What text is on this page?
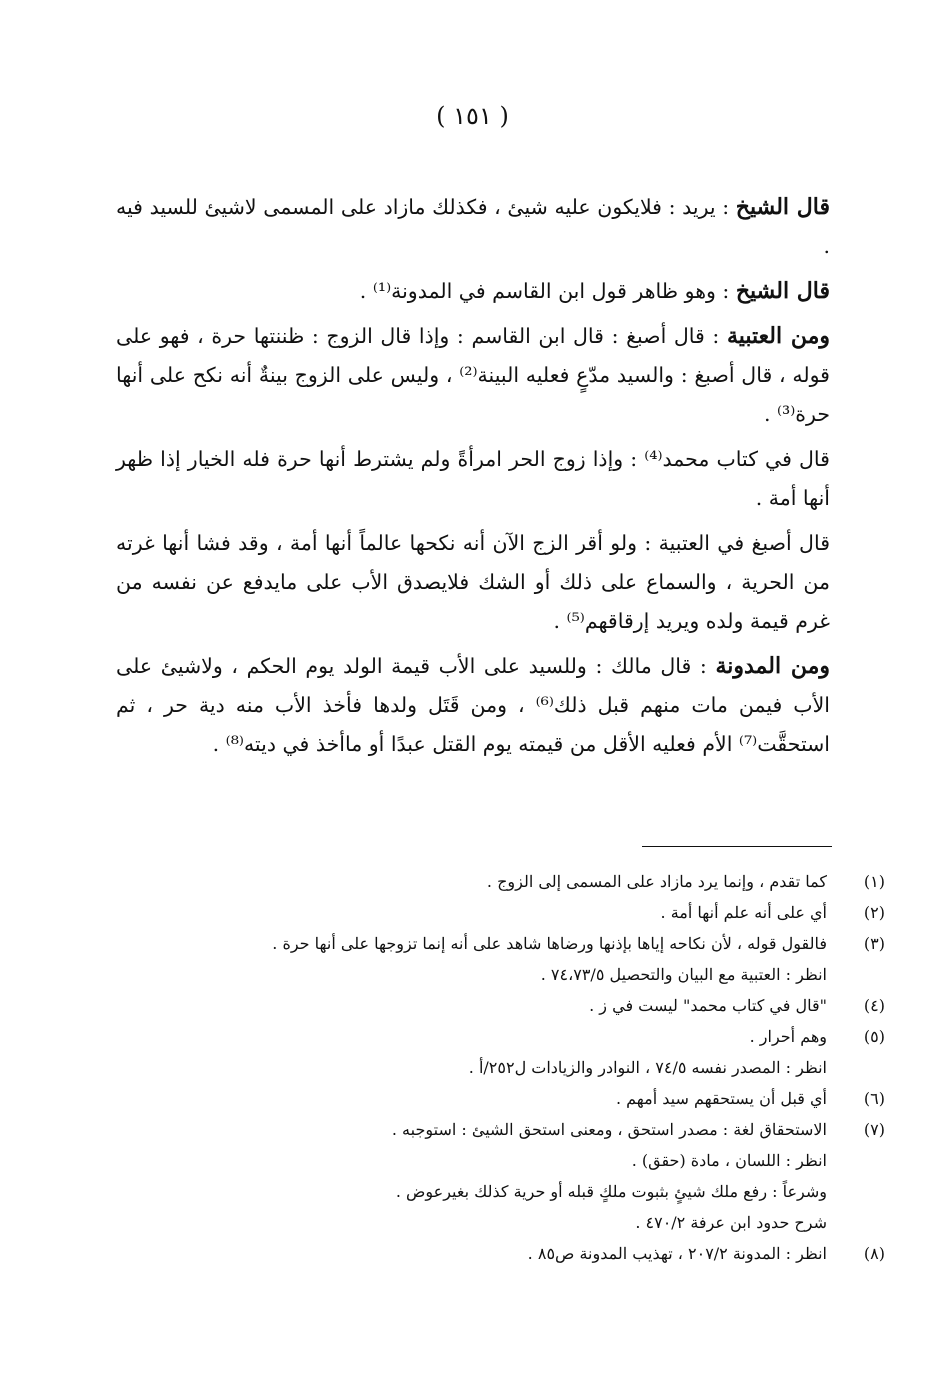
( ١٥١ )

قال الشيخ : يريد : فلايكون عليه شيئ ، فكذلك مازاد على المسمى لاشيئ للسيد فيه .

قال الشيخ : وهو ظاهر قول ابن القاسم في المدونة⁽¹⁾ .

ومن العتبية : قال أصبغ : قال ابن القاسم : وإذا قال الزوج : ظننتها حرة ، فهو على قوله ، قال أصبغ : والسيد مدّعٍ فعليه البينة⁽²⁾ ، وليس على الزوج بينةٌ أنه نكح على أنها حرة⁽³⁾ .

قال في كتاب محمد⁽⁴⁾ : وإذا زوج الحر امرأةً ولم يشترط أنها حرة فله الخيار إذا ظهر أنها أمة .

قال أصبغ في العتبية : ولو أقر الزج الآن أنه نكحها عالماً أنها أمة ، وقد فشا أنها غرته من الحرية ، والسماع على ذلك أو الشك فلايصدق الأب على مايدفع عن نفسه من غرم قيمة ولده ويريد إرقاقهم⁽⁵⁾ .

ومن المدونة : قال مالك : وللسيد على الأب قيمة الولد يوم الحكم ، ولاشيئ على الأب فيمن مات منهم قبل ذلك⁽⁶⁾ ، ومن قَتَل ولدها فأخذ الأب منه دية حر ، ثم استحقَّت⁽⁷⁾ الأم فعليه الأقل من قيمته يوم القتل عبدًا أو ماأخذ في ديته⁽⁸⁾ .

(١)
كما تقدم ، وإنما يرد مازاد على المسمى إلى الزوج .
(٢)
أي على أنه علم أنها أمة .
(٣)
فالقول قوله ، لأن نكاحه إياها بإذنها ورضاها شاهد على أنه إنما تزوجها على أنها حرة .
انظر : العتبية مع البيان والتحصيل ٧٤،٧٣/٥ .
(٤)
"قال في كتاب محمد" ليست في ز .
(٥)
وهم أحرار .
انظر : المصدر نفسه ٧٤/٥ ، النوادر والزيادات ل٢٥٢/أ .
(٦)
أي قبل أن يستحقهم سيد أمهم .
(٧)
الاستحقاق لغة : مصدر استحق ، ومعنى استحق الشيئ : استوجبه .
انظر : اللسان ، مادة (حقق) .
وشرعاً : رفع ملك شيئٍ بثبوت ملكٍ قبله أو حرية كذلك بغيرعوض .
شرح حدود ابن عرفة ٤٧٠/٢ .
(٨)
انظر : المدونة ٢٠٧/٢ ، تهذيب المدونة ص٨٥ .
